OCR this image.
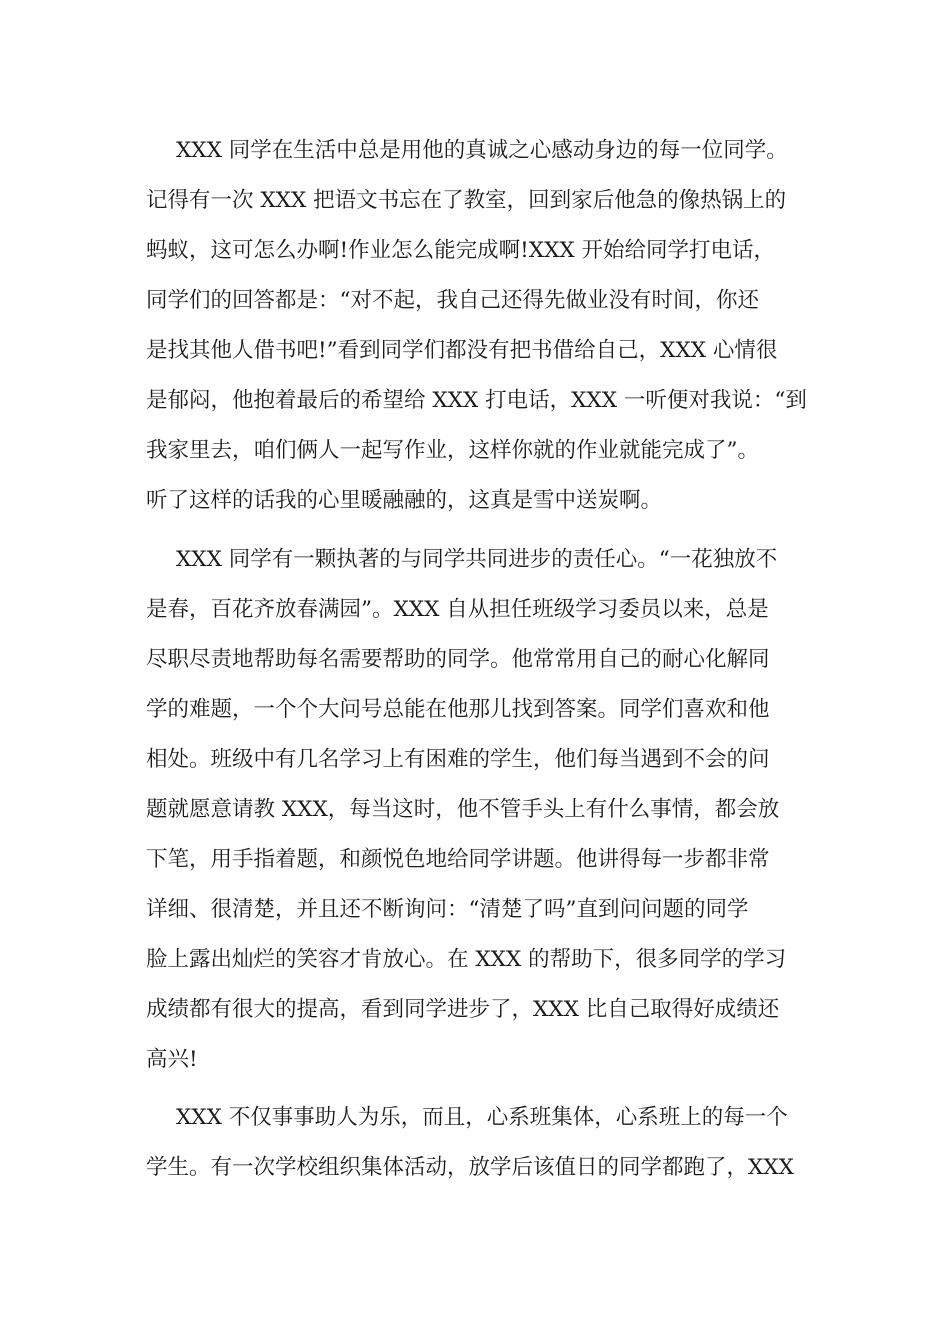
XXX 同学在生活中总是用他的真诚之心感动身边的每一位同学。
记得有一次 XXX 把语文书忘在了教室，回到家后他急的像热锅上的
蚂蚁，这可怎么办啊!作业怎么能完成啊!XXX 开始给同学打电话，
同学们的回答都是：“对不起，我自己还得先做业没有时间，你还
是找其他人借书吧!”看到同学们都没有把书借给自己，XXX 心情很
是郁闷，他抱着最后的希望给 XXX 打电话，XXX 一听便对我说：“到
我家里去，咱们俩人一起写作业，这样你就的作业就能完成了”。
听了这样的话我的心里暖融融的，这真是雪中送炭啊。
XXX 同学有一颗执著的与同学共同进步的责任心。“一花独放不
是春，百花齐放春满园”。XXX 自从担任班级学习委员以来，总是
尽职尽责地帮助每名需要帮助的同学。他常常用自己的耐心化解同
学的难题，一个个大问号总能在他那儿找到答案。同学们喜欢和他
相处。班级中有几名学习上有困难的学生，他们每当遇到不会的问
题就愿意请教 XXX，每当这时，他不管手头上有什么事情，都会放
下笔，用手指着题，和颜悦色地给同学讲题。他讲得每一步都非常
详细、很清楚，并且还不断询问：“清楚了吗”直到问问题的同学
脸上露出灿烂的笑容才肯放心。在 XXX 的帮助下，很多同学的学习
成绩都有很大的提高，看到同学进步了，XXX 比自己取得好成绩还
高兴!
XXX 不仅事事助人为乐，而且，心系班集体，心系班上的每一个
学生。有一次学校组织集体活动，放学后该值日的同学都跑了，XXX
